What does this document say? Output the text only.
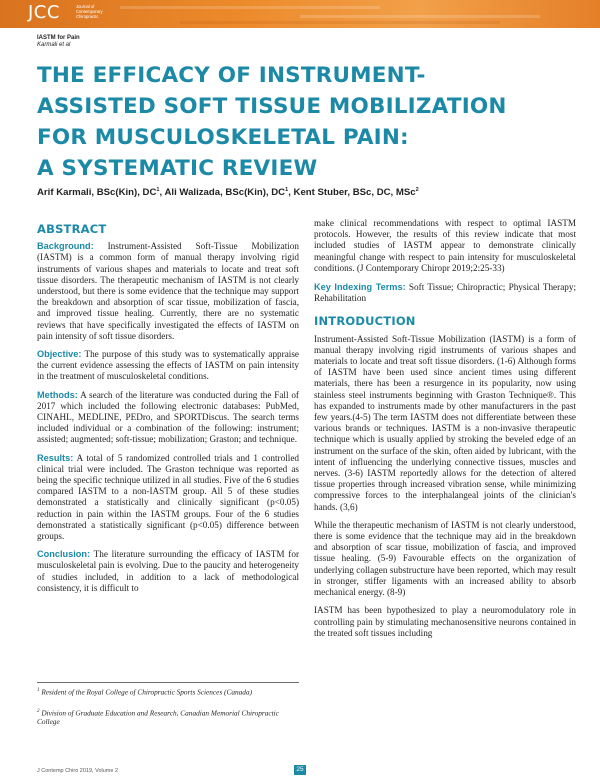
JCC	Journal of Contemporary Chiropractic
IASTM for Pain
Karmali et al
THE EFFICACY OF INSTRUMENT-
ASSISTED SOFT TISSUE MOBILIZATION
FOR MUSCULOSKELETAL PAIN:
A SYSTEMATIC REVIEW
Arif Karmali, BSc(Kin), $DC^1$, Ali Walizada, BSc(Kin), $DC^1$, Kent Stuber, BSc, DC, MSc$^2$
ABSTRACT

Background: Instrument-Assisted Soft-Tissue Mobilization (IASTM) is a common form of manual therapy involving rigid instruments of various shapes and materials to locate and treat soft tissue disorders. The therapeutic mechanism of IASTM is not clearly understood, but there is some evidence that the technique may support the breakdown and absorption of scar tissue, mobilization of fascia, and improved tissue healing. Currently, there are no systematic reviews that have specifically investigated the effects of IASTM on pain intensity of soft tissue disorders.

Objective: The purpose of this study was to systematically appraise the current evidence assessing the effects of IASTM on pain intensity in the treatment of musculoskeletal conditions.

Methods: A search of the literature was conducted during the Fall of 2017 which included the following electronic databases: PubMed, CINAHL, MEDLINE, PEDro, and SPORTDiscus. The search terms included individual or a combination of the following: instrument; assisted; augmented; soft-tissue; mobilization; Graston; and technique.

Results: A total of 5 randomized controlled trials and 1 controlled clinical trial were included. The Graston technique was reported as being the specific technique utilized in all studies. Five of the 6 studies compared IASTM to a non-IASTM group. All 5 of these studies demonstrated a statistically and clinically significant (p<0.05) reduction in pain within the IASTM groups. Four of the 6 studies demonstrated a statistically significant (p<0.05) difference between groups.

Conclusion: The literature surrounding the efficacy of IASTM for musculoskeletal pain is evolving. Due to the paucity and heterogeneity of studies included, in addition to a lack of methodological consistency, it is difficult to

$^1$ Resident of the Royal College of Chiropractic Sports Sciences (Canada)
$^2$ Division of Graduate Education and Research, Canadian Memorial Chiropractic College

make clinical recommendations with respect to optimal IASTM protocols. However, the results of this review indicate that most included studies of IASTM appear to demonstrate clinically meaningful change with respect to pain intensity for musculoskeletal conditions. (J Contemporary Chiropr 2019;2:25-33)

Key Indexing Terms: Soft Tissue; Chiropractic; Physical Therapy; Rehabilitation

INTRODUCTION

Instrument-Assisted Soft-Tissue Mobilization (IASTM) is a form of manual therapy involving rigid instruments of various shapes and materials to locate and treat soft tissue disorders. (1-6) Although forms of IASTM have been used since ancient times using different materials, there has been a resurgence in its popularity, now using stainless steel instruments beginning with Graston Technique®. This has expanded to instruments made by other manufacturers in the past few years.(4-5) The term IASTM does not differentiate between these various brands or techniques. IASTM is a non-invasive therapeutic technique which is usually applied by stroking the beveled edge of an instrument on the surface of the skin, often aided by lubricant, with the intent of influencing the underlying connective tissues, muscles and nerves. (3-6) IASTM reportedly allows for the detection of altered tissue properties through increased vibration sense, while minimizing compressive forces to the interphalangeal joints of the clinician's hands. (3,6)

While the therapeutic mechanism of IASTM is not clearly understood, there is some evidence that the technique may aid in the breakdown and absorption of scar tissue, mobilization of fascia, and improved tissue healing. (5-9) Favourable effects on the organization of underlying collagen substructure have been reported, which may result in stronger, stiffer ligaments with an increased ability to absorb mechanical energy. (8-9)

IASTM has been hypothesized to play a neuromodulatory role in controlling pain by stimulating mechanosensitive neurons contained in the treated soft tissues including

J Contemp Chiro 2019, Volume 2	25
